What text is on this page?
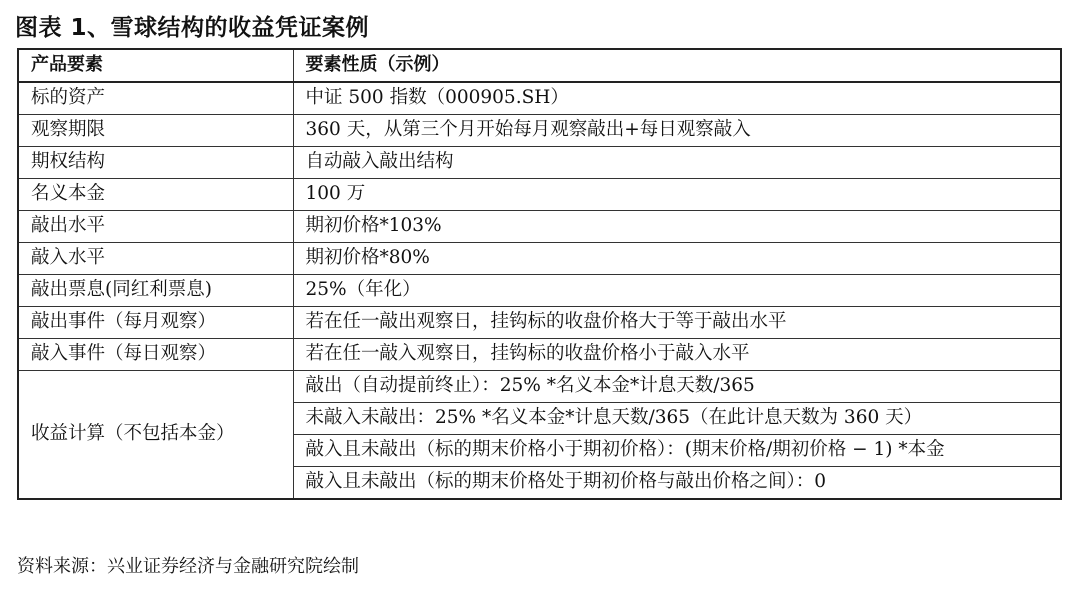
图表 1、雪球结构的收益凭证案例
产品要素	要素性质（示例）
标的资产	中证 500 指数（000905.SH）
观察期限	360 天，从第三个月开始每月观察敲出+每日观察敲入
期权结构	自动敲入敲出结构
名义本金	100 万
敲出水平	期初价格*103%
敲入水平	期初价格*80%
敲出票息(同红利票息)	25%（年化）
敲出事件（每月观察）	若在任一敲出观察日，挂钩标的收盘价格大于等于敲出水平
敲入事件（每日观察）	若在任一敲入观察日，挂钩标的收盘价格小于敲入水平
收益计算（不包括本金）	敲出（自动提前终止）：25% *名义本金*计息天数/365
	未敲入未敲出：25% *名义本金*计息天数/365（在此计息天数为 360 天）
	敲入且未敲出（标的期末价格小于期初价格）：(期末价格/期初价格 − 1) *本金
	敲入且未敲出（标的期末价格处于期初价格与敲出价格之间）：0
资料来源：兴业证券经济与金融研究院绘制
